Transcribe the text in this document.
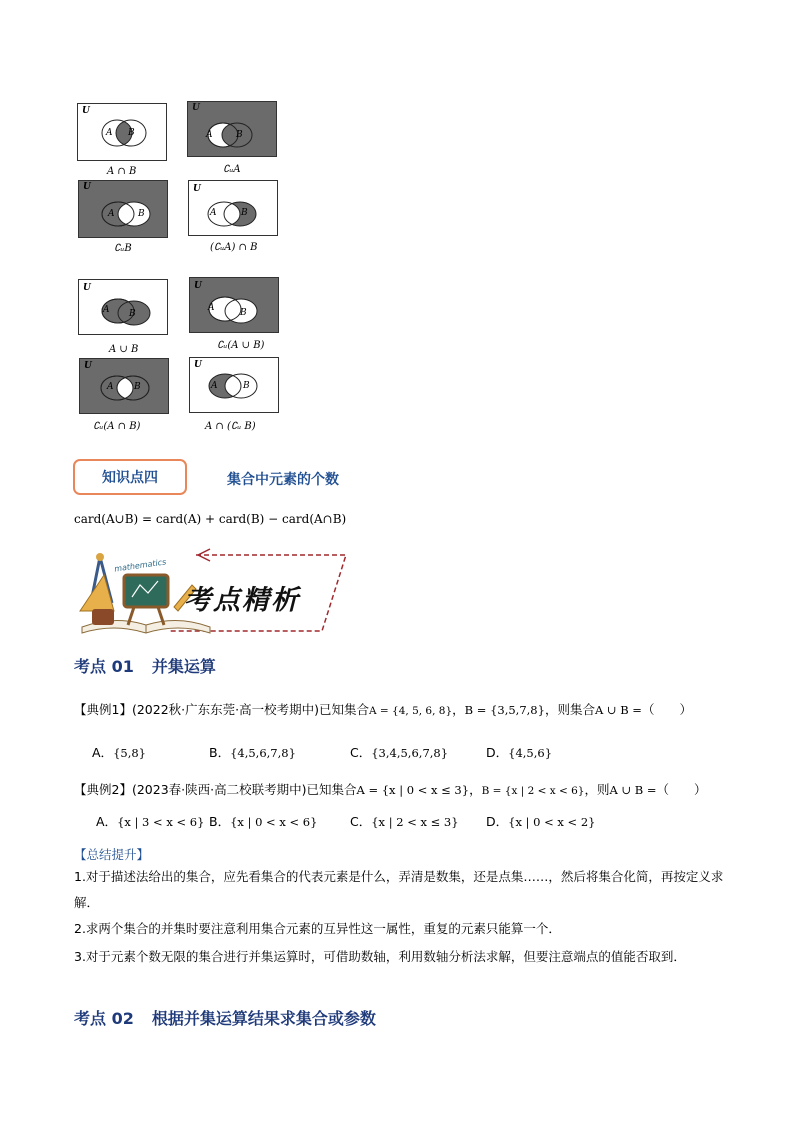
U
A B
A ∩ B
U
A	B
∁ᵤA
U
A	B
∁ᵤB
U
A	B
(∁ᵤA) ∩ B
U
A B
A ∪ B
U
A	B
∁ᵤ(A ∪ B)
U
A B
∁ᵤ(A ∩ B)
U
A	B
A ∩ (∁ᵤ B)
知识点四	集合中元素的个数
card(A∪B) = card(A) + card(B) − card(A∩B)
mathematics
考点精析
考点 01 并集运算
【典例1】(2022秋·广东东莞·高一校考期中)已知集合A = {4, 5, 6, 8}，B = {3,5,7,8}，则集合A ∪ B =（　　）
A．{5,8}	B．{4,5,6,7,8}	C．{3,4,5,6,7,8}	D．{4,5,6}
【典例2】(2023春·陕西·高二校联考期中)已知集合A = {x | 0 < x ≤ 3}，B = {x | 2 < x < 6}，则A ∪ B =（　　）
A．{x | 3 < x < 6} B．{x | 0 < x < 6}	C．{x | 2 < x ≤ 3} D．{x | 0 < x < 2}
【总结提升】
1.对于描述法给出的集合，应先看集合的代表元素是什么，弄清是数集，还是点集……，然后将集合化简，再按定义求解．
2.求两个集合的并集时要注意利用集合元素的互异性这一属性，重复的元素只能算一个．
3.对于元素个数无限的集合进行并集运算时，可借助数轴，利用数轴分析法求解，但要注意端点的值能否取到．
考点 02 根据并集运算结果求集合或参数
